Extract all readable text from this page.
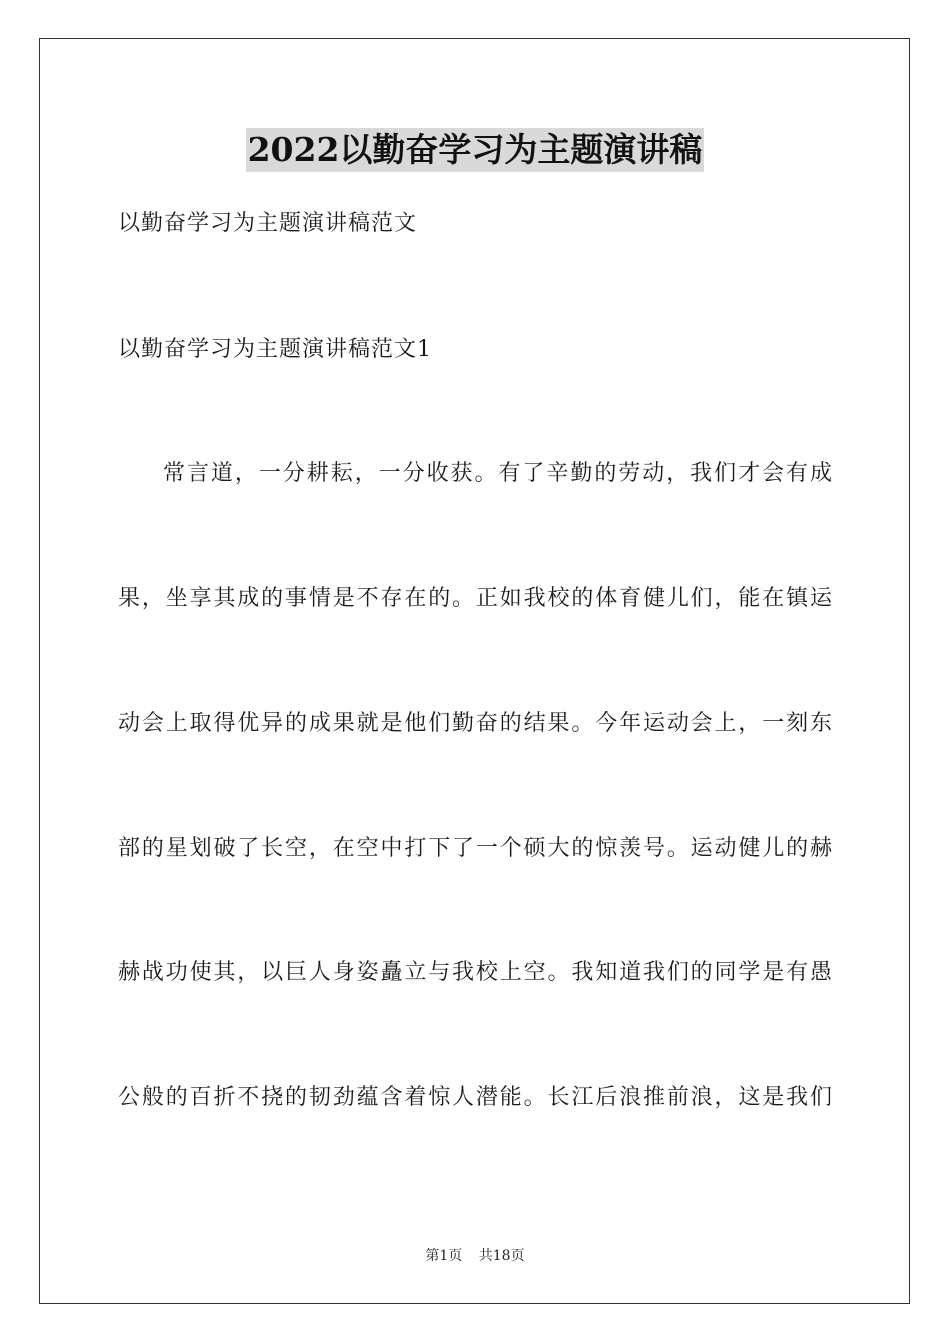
2022以勤奋学习为主题演讲稿
以勤奋学习为主题演讲稿范文
以勤奋学习为主题演讲稿范文1
常言道，一分耕耘，一分收获。有了辛勤的劳动，我们才会有成
果，坐享其成的事情是不存在的。正如我校的体育健儿们，能在镇运
动会上取得优异的成果就是他们勤奋的结果。今年运动会上，一刻东
部的星划破了长空，在空中打下了一个硕大的惊羡号。运动健儿的赫
赫战功使其，以巨人身姿矗立与我校上空。我知道我们的同学是有愚
公般的百折不挠的韧劲蕴含着惊人潜能。长江后浪推前浪，这是我们
第1页 共18页
